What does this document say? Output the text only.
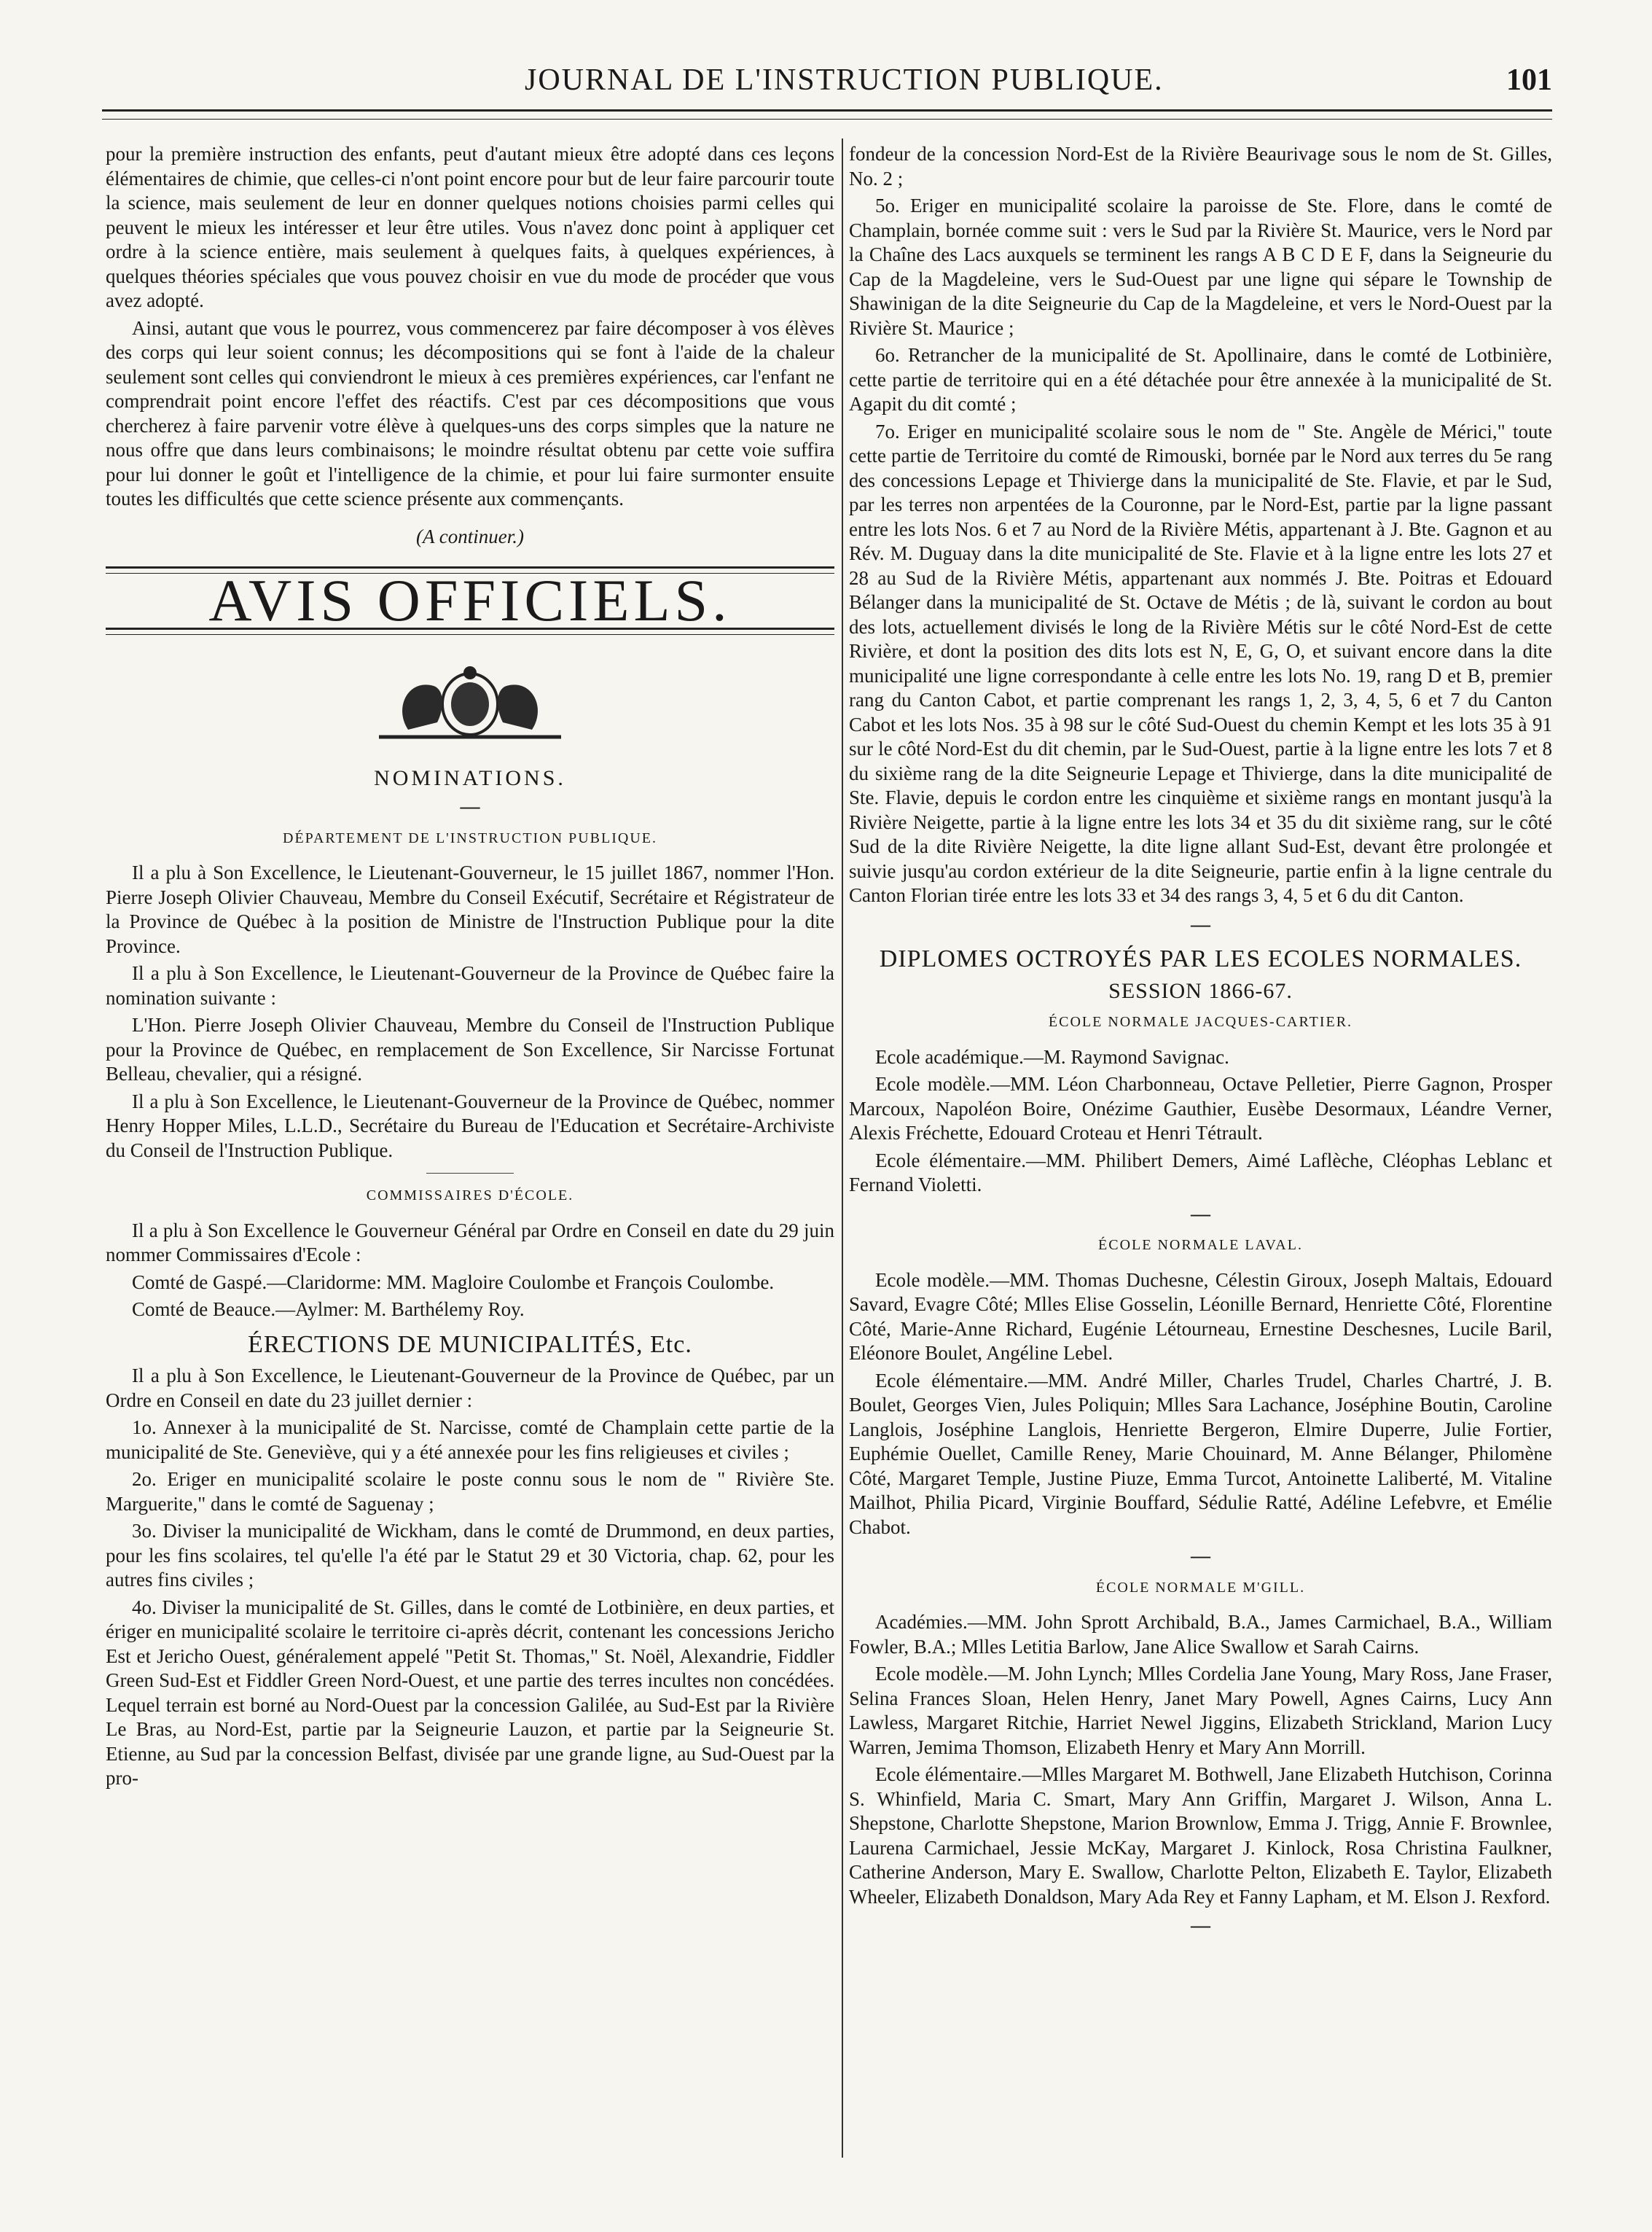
JOURNAL DE L'INSTRUCTION PUBLIQUE.	101

pour la première instruction des enfants, peut d'autant mieux être adopté dans ces leçons élémentaires de chimie, que celles-ci n'ont point encore pour but de leur faire parcourir toute la science, mais seulement de leur en donner quelques notions choisies parmi celles qui peuvent le mieux les intéresser et leur être utiles. Vous n'avez donc point à appliquer cet ordre à la science entière, mais seulement à quelques faits, à quelques expériences, à quelques théories spéciales que vous pouvez choisir en vue du mode de procéder que vous avez adopté.

Ainsi, autant que vous le pourrez, vous commencerez par faire décomposer à vos élèves des corps qui leur soient connus; les décompositions qui se font à l'aide de la chaleur seulement sont celles qui conviendront le mieux à ces premières expériences, car l'enfant ne comprendrait point encore l'effet des réactifs. C'est par ces décompositions que vous chercherez à faire parvenir votre élève à quelques-uns des corps simples que la nature ne nous offre que dans leurs combinaisons; le moindre résultat obtenu par cette voie suffira pour lui donner le goût et l'intelligence de la chimie, et pour lui faire surmonter ensuite toutes les difficultés que cette science présente aux commençants.

(A continuer.)

AVIS OFFICIELS.
NOMINATIONS.
—
DÉPARTEMENT DE L'INSTRUCTION PUBLIQUE.

Il a plu à Son Excellence, le Lieutenant-Gouverneur, le 15 juillet 1867, nommer l'Hon. Pierre Joseph Olivier Chauveau, Membre du Conseil Exécutif, Secrétaire et Régistrateur de la Province de Québec à la position de Ministre de l'Instruction Publique pour la dite Province.

Il a plu à Son Excellence, le Lieutenant-Gouverneur de la Province de Québec faire la nomination suivante :

L'Hon. Pierre Joseph Olivier Chauveau, Membre du Conseil de l'Instruction Publique pour la Province de Québec, en remplacement de Son Excellence, Sir Narcisse Fortunat Belleau, chevalier, qui a résigné.

Il a plu à Son Excellence, le Lieutenant-Gouverneur de la Province de Québec, nommer Henry Hopper Miles, L.L.D., Secrétaire du Bureau de l'Education et Secrétaire-Archiviste du Conseil de l'Instruction Publique.

COMMISSAIRES D'ÉCOLE.

Il a plu à Son Excellence le Gouverneur Général par Ordre en Conseil en date du 29 juin nommer Commissaires d'Ecole :

Comté de Gaspé.—Claridorme: MM. Magloire Coulombe et François Coulombe.

Comté de Beauce.—Aylmer: M. Barthélemy Roy.

ÉRECTIONS DE MUNICIPALITÉS, Etc.

Il a plu à Son Excellence, le Lieutenant-Gouverneur de la Province de Québec, par un Ordre en Conseil en date du 23 juillet dernier :

1o. Annexer à la municipalité de St. Narcisse, comté de Champlain cette partie de la municipalité de Ste. Geneviève, qui y a été annexée pour les fins religieuses et civiles ;

2o. Eriger en municipalité scolaire le poste connu sous le nom de " Rivière Ste. Marguerite," dans le comté de Saguenay ;

3o. Diviser la municipalité de Wickham, dans le comté de Drummond, en deux parties, pour les fins scolaires, tel qu'elle l'a été par le Statut 29 et 30 Victoria, chap. 62, pour les autres fins civiles ;

4o. Diviser la municipalité de St. Gilles, dans le comté de Lotbinière, en deux parties, et ériger en municipalité scolaire le territoire ci-après décrit, contenant les concessions Jericho Est et Jericho Ouest, généralement appelé "Petit St. Thomas," St. Noël, Alexandrie, Fiddler Green Sud-Est et Fiddler Green Nord-Ouest, et une partie des terres incultes non concédées. Lequel terrain est borné au Nord-Ouest par la concession Galilée, au Sud-Est par la Rivière Le Bras, au Nord-Est, partie par la Seigneurie Lauzon, et partie par la Seigneurie St. Etienne, au Sud par la concession Belfast, divisée par une grande ligne, au Sud-Ouest par la pro-

fondeur de la concession Nord-Est de la Rivière Beaurivage sous le nom de St. Gilles, No. 2 ;

5o. Eriger en municipalité scolaire la paroisse de Ste. Flore, dans le comté de Champlain, bornée comme suit : vers le Sud par la Rivière St. Maurice, vers le Nord par la Chaîne des Lacs auxquels se terminent les rangs A B C D E F, dans la Seigneurie du Cap de la Magdeleine, vers le Sud-Ouest par une ligne qui sépare le Township de Shawinigan de la dite Seigneurie du Cap de la Magdeleine, et vers le Nord-Ouest par la Rivière St. Maurice ;

6o. Retrancher de la municipalité de St. Apollinaire, dans le comté de Lotbinière, cette partie de territoire qui en a été détachée pour être annexée à la municipalité de St. Agapit du dit comté ;

7o. Eriger en municipalité scolaire sous le nom de " Ste. Angèle de Mérici," toute cette partie de Territoire du comté de Rimouski, bornée par le Nord aux terres du 5e rang des concessions Lepage et Thivierge dans la municipalité de Ste. Flavie, et par le Sud, par les terres non arpentées de la Couronne, par le Nord-Est, partie par la ligne passant entre les lots Nos. 6 et 7 au Nord de la Rivière Métis, appartenant à J. Bte. Gagnon et au Rév. M. Duguay dans la dite municipalité de Ste. Flavie et à la ligne entre les lots 27 et 28 au Sud de la Rivière Métis, appartenant aux nommés J. Bte. Poitras et Edouard Bélanger dans la municipalité de St. Octave de Métis ; de là, suivant le cordon au bout des lots, actuellement divisés le long de la Rivière Métis sur le côté Nord-Est de cette Rivière, et dont la position des dits lots est N, E, G, O, et suivant encore dans la dite municipalité une ligne correspondante à celle entre les lots No. 19, rang D et B, premier rang du Canton Cabot, et partie comprenant les rangs 1, 2, 3, 4, 5, 6 et 7 du Canton Cabot et les lots Nos. 35 à 98 sur le côté Sud-Ouest du chemin Kempt et les lots 35 à 91 sur le côté Nord-Est du dit chemin, par le Sud-Ouest, partie à la ligne entre les lots 7 et 8 du sixième rang de la dite Seigneurie Lepage et Thivierge, dans la dite municipalité de Ste. Flavie, depuis le cordon entre les cinquième et sixième rangs en montant jusqu'à la Rivière Neigette, partie à la ligne entre les lots 34 et 35 du dit sixième rang, sur le côté Sud de la dite Rivière Neigette, la dite ligne allant Sud-Est, devant être prolongée et suivie jusqu'au cordon extérieur de la dite Seigneurie, partie enfin à la ligne centrale du Canton Florian tirée entre les lots 33 et 34 des rangs 3, 4, 5 et 6 du dit Canton.

—
DIPLOMES OCTROYÉS PAR LES ECOLES NORMALES.
SESSION 1866-67.
ÉCOLE NORMALE JACQUES-CARTIER.

Ecole académique.—M. Raymond Savignac.

Ecole modèle.—MM. Léon Charbonneau, Octave Pelletier, Pierre Gagnon, Prosper Marcoux, Napoléon Boire, Onézime Gauthier, Eusèbe Desormaux, Léandre Verner, Alexis Fréchette, Edouard Croteau et Henri Tétrault.

Ecole élémentaire.—MM. Philibert Demers, Aimé Laflèche, Cléophas Leblanc et Fernand Violetti.

—
ÉCOLE NORMALE LAVAL.

Ecole modèle.—MM. Thomas Duchesne, Célestin Giroux, Joseph Maltais, Edouard Savard, Evagre Côté; Mlles Elise Gosselin, Léonille Bernard, Henriette Côté, Florentine Côté, Marie-Anne Richard, Eugénie Létourneau, Ernestine Deschesnes, Lucile Baril, Eléonore Boulet, Angéline Lebel.

Ecole élémentaire.—MM. André Miller, Charles Trudel, Charles Chartré, J. B. Boulet, Georges Vien, Jules Poliquin; Mlles Sara Lachance, Joséphine Boutin, Caroline Langlois, Joséphine Langlois, Henriette Bergeron, Elmire Duperre, Julie Fortier, Euphémie Ouellet, Camille Reney, Marie Chouinard, M. Anne Bélanger, Philomène Côté, Margaret Temple, Justine Piuze, Emma Turcot, Antoinette Laliberté, M. Vitaline Mailhot, Philia Picard, Virginie Bouffard, Sédulie Ratté, Adéline Lefebvre, et Emélie Chabot.

—
ÉCOLE NORMALE M'GILL.

Académies.—MM. John Sprott Archibald, B.A., James Carmichael, B.A., William Fowler, B.A.; Mlles Letitia Barlow, Jane Alice Swallow et Sarah Cairns.

Ecole modèle.—M. John Lynch; Mlles Cordelia Jane Young, Mary Ross, Jane Fraser, Selina Frances Sloan, Helen Henry, Janet Mary Powell, Agnes Cairns, Lucy Ann Lawless, Margaret Ritchie, Harriet Newel Jiggins, Elizabeth Strickland, Marion Lucy Warren, Jemima Thomson, Elizabeth Henry et Mary Ann Morrill.

Ecole élémentaire.—Mlles Margaret M. Bothwell, Jane Elizabeth Hutchison, Corinna S. Whinfield, Maria C. Smart, Mary Ann Griffin, Margaret J. Wilson, Anna L. Shepstone, Charlotte Shepstone, Marion Brownlow, Emma J. Trigg, Annie F. Brownlee, Laurena Carmichael, Jessie McKay, Margaret J. Kinlock, Rosa Christina Faulkner, Catherine Anderson, Mary E. Swallow, Charlotte Pelton, Elizabeth E. Taylor, Elizabeth Wheeler, Elizabeth Donaldson, Mary Ada Rey et Fanny Lapham, et M. Elson J. Rexford.

—
